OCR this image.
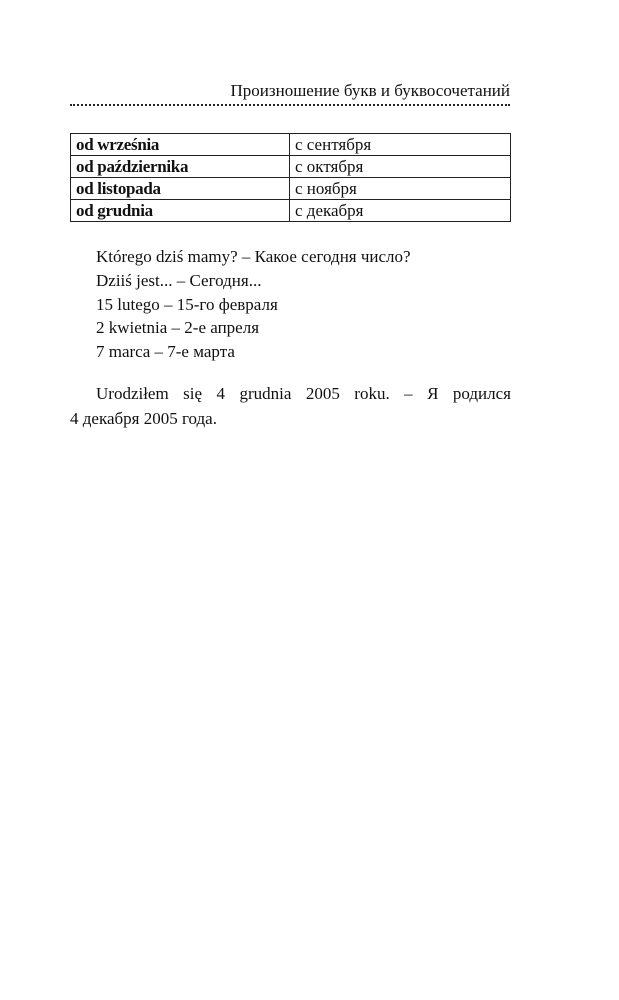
Произношение букв и буквосочетаний
od września	с сентября
od października	с октября
od listopada	с ноября
od grudnia	с декабря
Którego dziś mamy? – Какое сегодня число?
Dziiś jest... – Сегодня...
15 lutego – 15-го февраля
2 kwietnia – 2-е апреля
7 marca – 7-е марта
Urodziłem się 4 grudnia 2005 roku. – Я родился
4 декабря 2005 года.
